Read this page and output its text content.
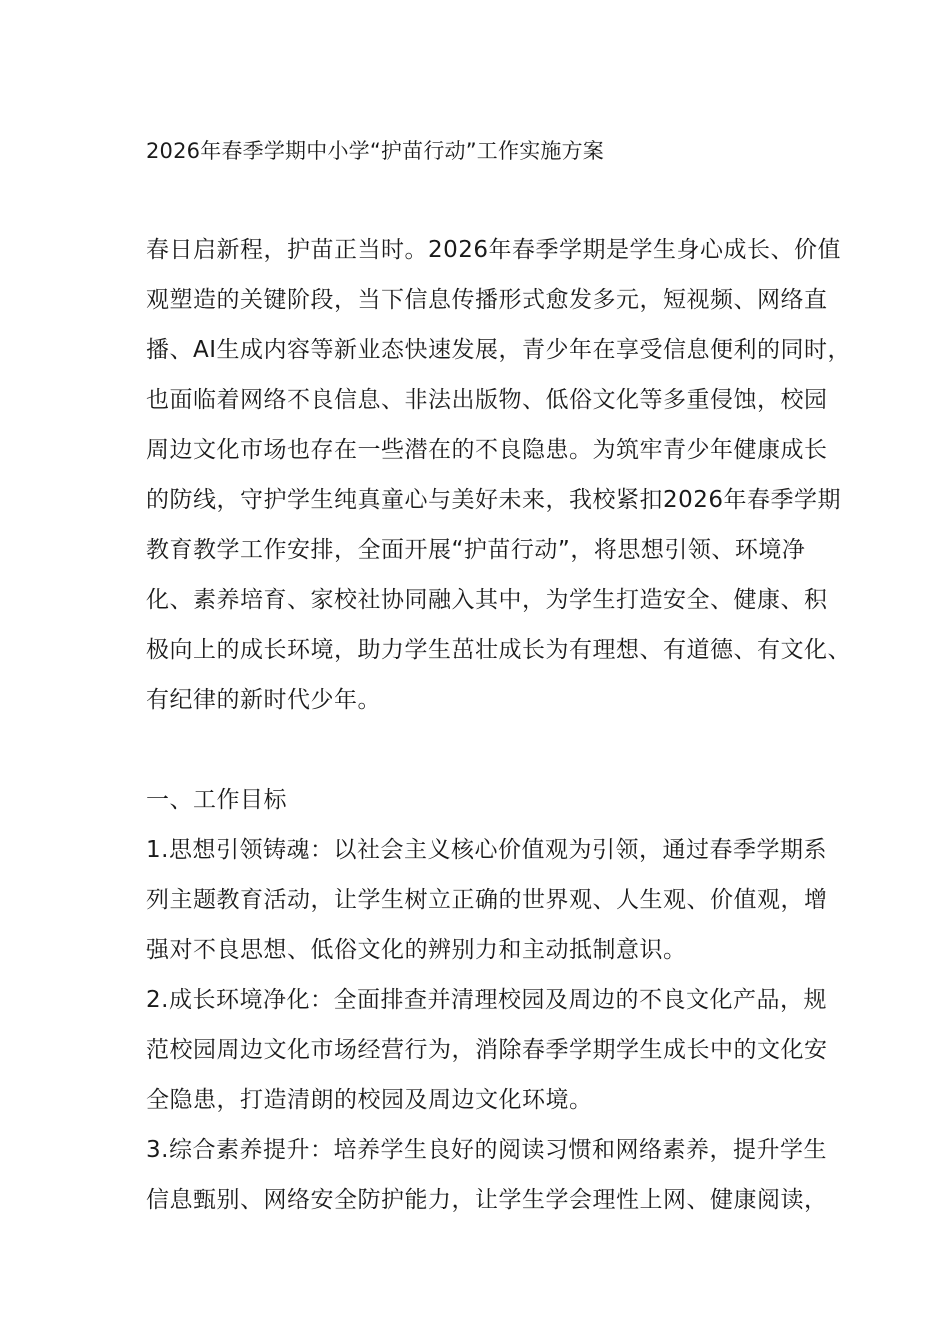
2026年春季学期中小学“护苗行动”工作实施方案
春日启新程，护苗正当时。2026年春季学期是学生身心成长、价值
观塑造的关键阶段，当下信息传播形式愈发多元，短视频、网络直
播、AI生成内容等新业态快速发展，青少年在享受信息便利的同时，
也面临着网络不良信息、非法出版物、低俗文化等多重侵蚀，校园
周边文化市场也存在一些潜在的不良隐患。为筑牢青少年健康成长
的防线，守护学生纯真童心与美好未来，我校紧扣2026年春季学期
教育教学工作安排，全面开展“护苗行动”，将思想引领、环境净
化、素养培育、家校社协同融入其中，为学生打造安全、健康、积
极向上的成长环境，助力学生茁壮成长为有理想、有道德、有文化、
有纪律的新时代少年。
一、工作目标
1.思想引领铸魂：以社会主义核心价值观为引领，通过春季学期系
列主题教育活动，让学生树立正确的世界观、人生观、价值观，增
强对不良思想、低俗文化的辨别力和主动抵制意识。
2.成长环境净化：全面排查并清理校园及周边的不良文化产品，规
范校园周边文化市场经营行为，消除春季学期学生成长中的文化安
全隐患，打造清朗的校园及周边文化环境。
3.综合素养提升：培养学生良好的阅读习惯和网络素养，提升学生
信息甄别、网络安全防护能力，让学生学会理性上网、健康阅读，
